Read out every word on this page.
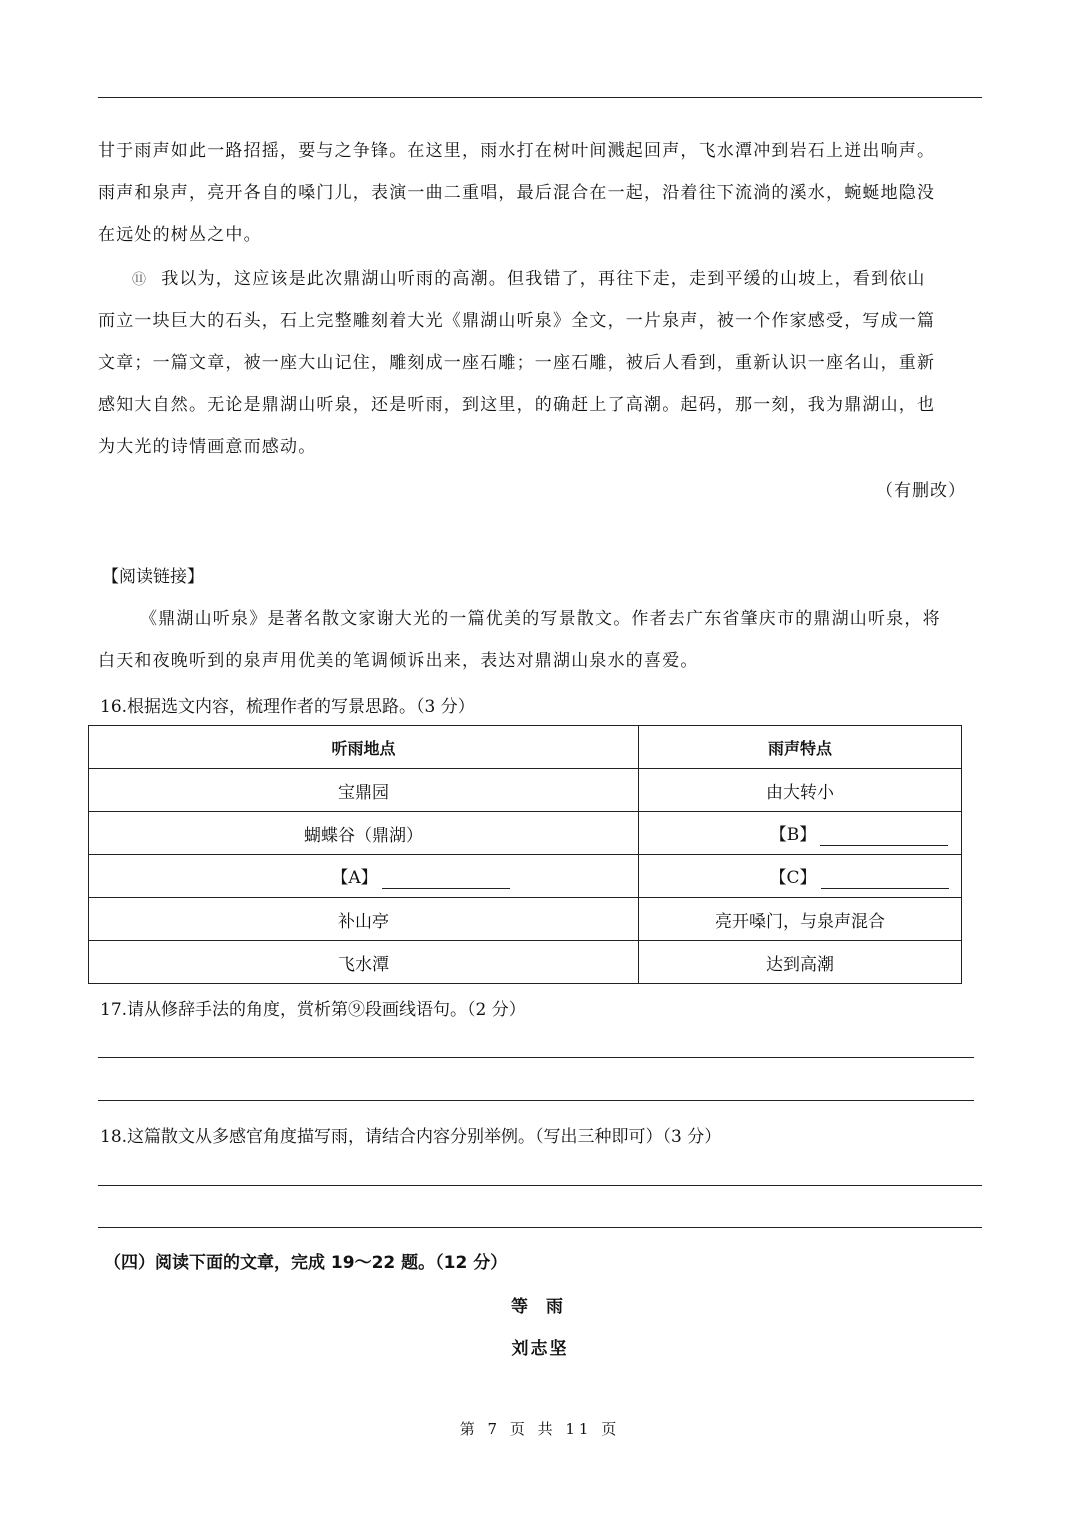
甘于雨声如此一路招摇，要与之争锋。在这里，雨水打在树叶间溅起回声，飞水潭冲到岩石上迸出响声。
雨声和泉声，亮开各自的嗓门儿，表演一曲二重唱，最后混合在一起，沿着往下流淌的溪水，蜿蜒地隐没
在远处的树丛之中。
⑪ 我以为，这应该是此次鼎湖山听雨的高潮。但我错了，再往下走，走到平缓的山坡上，看到依山
而立一块巨大的石头，石上完整雕刻着大光《鼎湖山听泉》全文，一片泉声，被一个作家感受，写成一篇
文章；一篇文章，被一座大山记住，雕刻成一座石雕；一座石雕，被后人看到，重新认识一座名山，重新
感知大自然。无论是鼎湖山听泉，还是听雨，到这里，的确赶上了高潮。起码，那一刻，我为鼎湖山，也
为大光的诗情画意而感动。
（有删改）
【阅读链接】
《鼎湖山听泉》是著名散文家谢大光的一篇优美的写景散文。作者去广东省肇庆市的鼎湖山听泉，将
白天和夜晚听到的泉声用优美的笔调倾诉出来，表达对鼎湖山泉水的喜爱。
16.根据选文内容，梳理作者的写景思路。（3 分）
听雨地点	雨声特点
宝鼎园	由大转小
蝴蝶谷（鼎湖）	【B】
【A】	【C】
补山亭	亮开嗓门，与泉声混合
飞水潭	达到高潮
17.请从修辞手法的角度，赏析第⑨段画线语句。（2 分）
18.这篇散文从多感官角度描写雨，请结合内容分别举例。（写出三种即可）（3 分）
（四）阅读下面的文章，完成 19～22 题。（12 分）
等 雨
刘志坚
第 7 页 共 11 页
